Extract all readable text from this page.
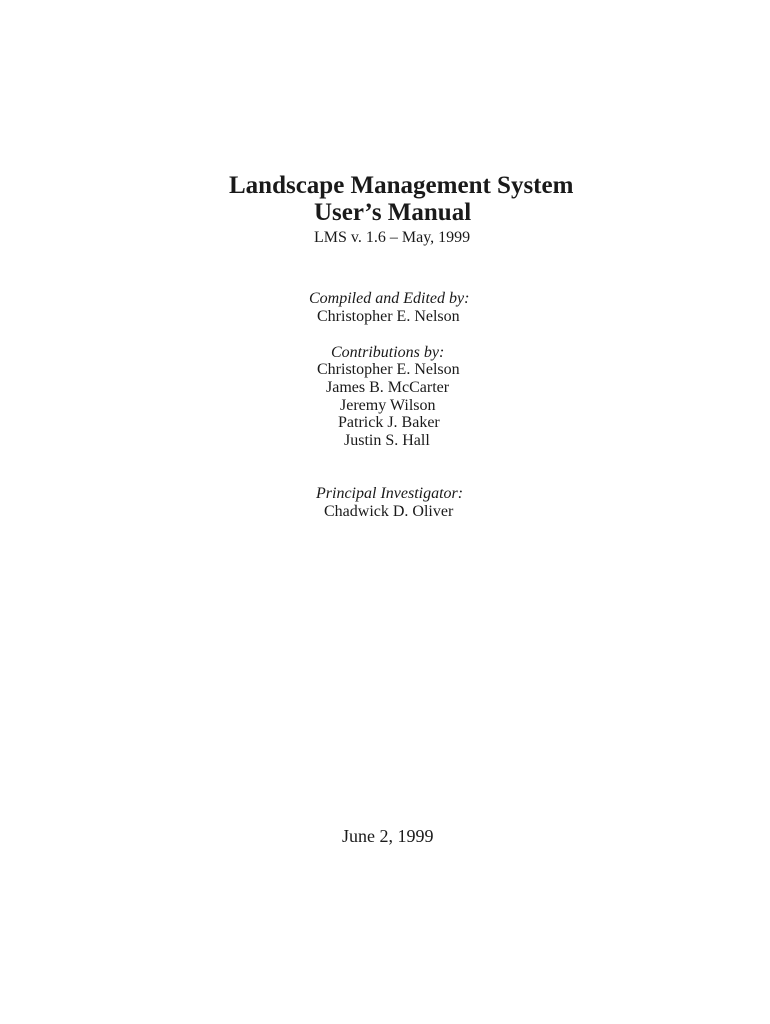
Landscape Management System
User’s Manual
LMS v. 1.6 – May, 1999
Compiled and Edited by:
Christopher E. Nelson
Contributions by:
Christopher E. Nelson
James B. McCarter
Jeremy Wilson
Patrick J. Baker
Justin S. Hall
Principal Investigator:
Chadwick D. Oliver
June 2, 1999
